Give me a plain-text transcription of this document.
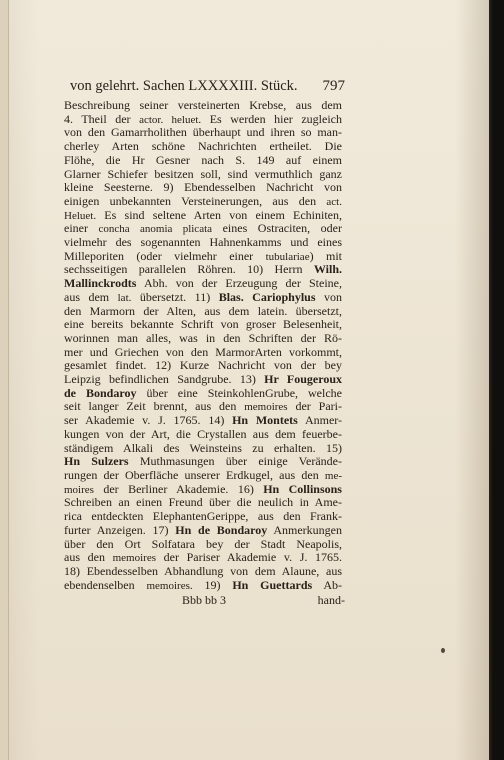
von gelehrt. Sachen LXXXXIII. Stück. 797
Beschreibung seiner versteinerten Krebse, aus dem
4. Theil der actor. heluet. Es werden hier zugleich
von den Gamarrholithen überhaupt und ihren so man-
cherley Arten schöne Nachrichten ertheilet. Die
Flöhe, die Hr Gesner nach S. 149 auf einem
Glarner Schiefer besitzen soll, sind vermuthlich ganz
kleine Seesterne. 9) Ebendesselben Nachricht von
einigen unbekannten Versteinerungen, aus den act.
Heluet. Es sind seltene Arten von einem Echiniten,
einer concha anomia plicata eines Ostraciten, oder
vielmehr des sogenannten Hahnenkamms und eines
Milleporiten (oder vielmehr einer tubulariae) mit
sechsseitigen parallelen Röhren. 10) Herrn Wilh.
Mallinckrodts Abh. von der Erzeugung der Steine,
aus dem lat. übersetzt. 11) Blas. Cariophylus von
den Marmorn der Alten, aus dem latein. übersetzt,
eine bereits bekannte Schrift von groser Belesenheit,
worinnen man alles, was in den Schriften der Rö-
mer und Griechen von den MarmorArten vorkommt,
gesamlet findet. 12) Kurze Nachricht von der bey
Leipzig befindlichen Sandgrube. 13) Hr Fougeroux
de Bondaroy über eine SteinkohlenGrube, welche
seit langer Zeit brennt, aus den memoires der Pari-
ser Akademie v. J. 1765. 14) Hn Montets Anmer-
kungen von der Art, die Crystallen aus dem feuerbe-
ständigem Alkali des Weinsteins zu erhalten. 15)
Hn Sulzers Muthmasungen über einige Verände-
rungen der Oberfläche unserer Erdkugel, aus den me-
moires der Berliner Akademie. 16) Hn Collinsons
Schreiben an einen Freund über die neulich in Ame-
rica entdeckten ElephantenGerippe, aus den Frank-
furter Anzeigen. 17) Hn de Bondaroy Anmerkungen
über den Ort Solfatara bey der Stadt Neapolis,
aus den memoires der Pariser Akademie v. J. 1765.
18) Ebendesselben Abhandlung von dem Alaune, aus
ebendenselben memoires. 19) Hn Guettards Ab-
Bbb bb 3	hand-
